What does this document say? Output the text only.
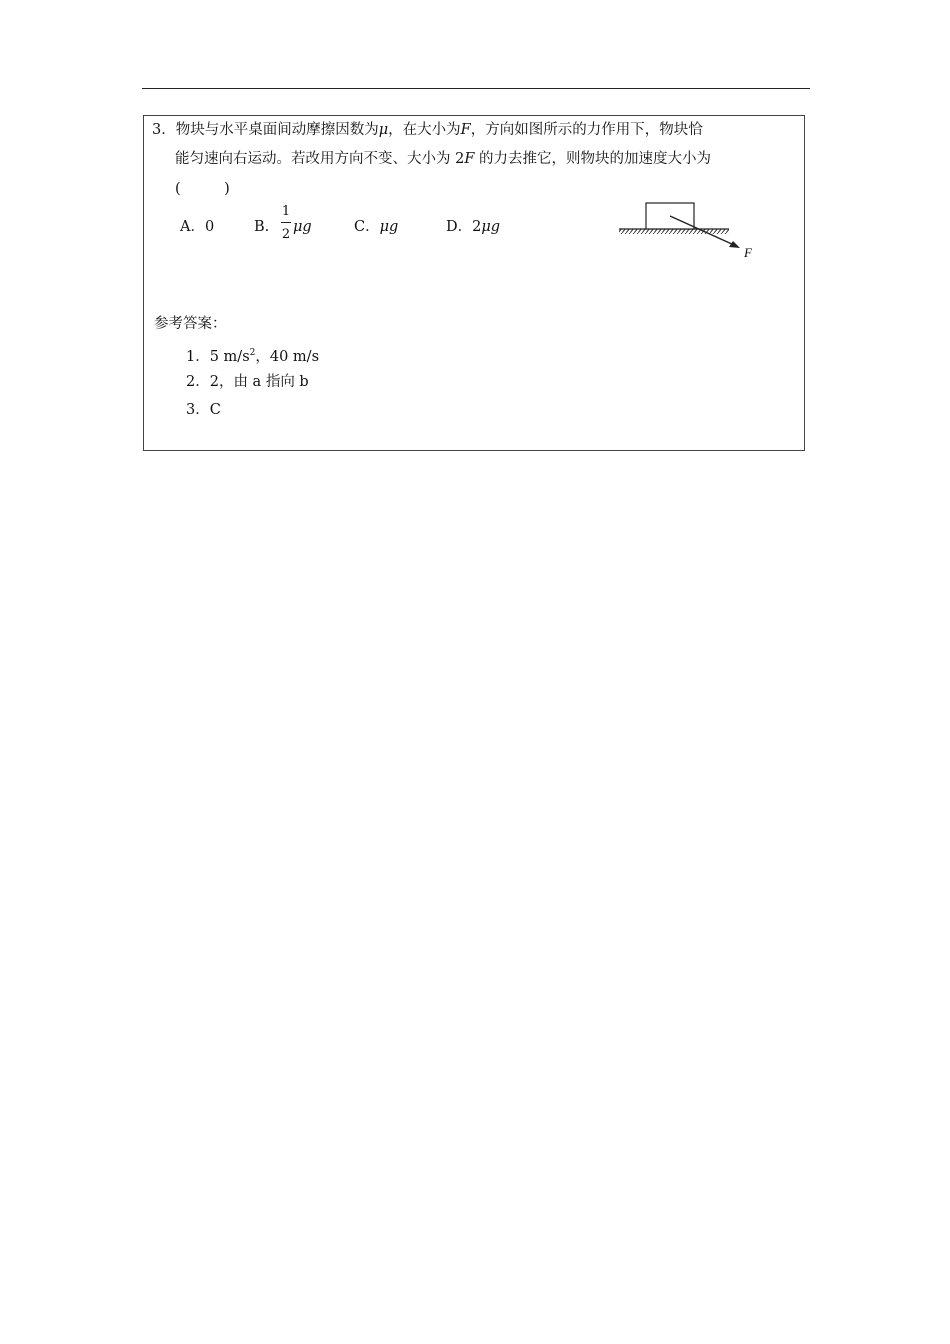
3．物块与水平桌面间动摩擦因数为μ，在大小为F，方向如图所示的力作用下，物块恰
能匀速向右运动。若改用方向不变、大小为 2F 的力去推它，则物块的加速度大小为
(　　　)
A．0	B.
1
2 μg	C．μg	D．2μg
F
参考答案：
1．5 $m/s^2$，40 m/s
2．2，由 a 指向 b
3．C
